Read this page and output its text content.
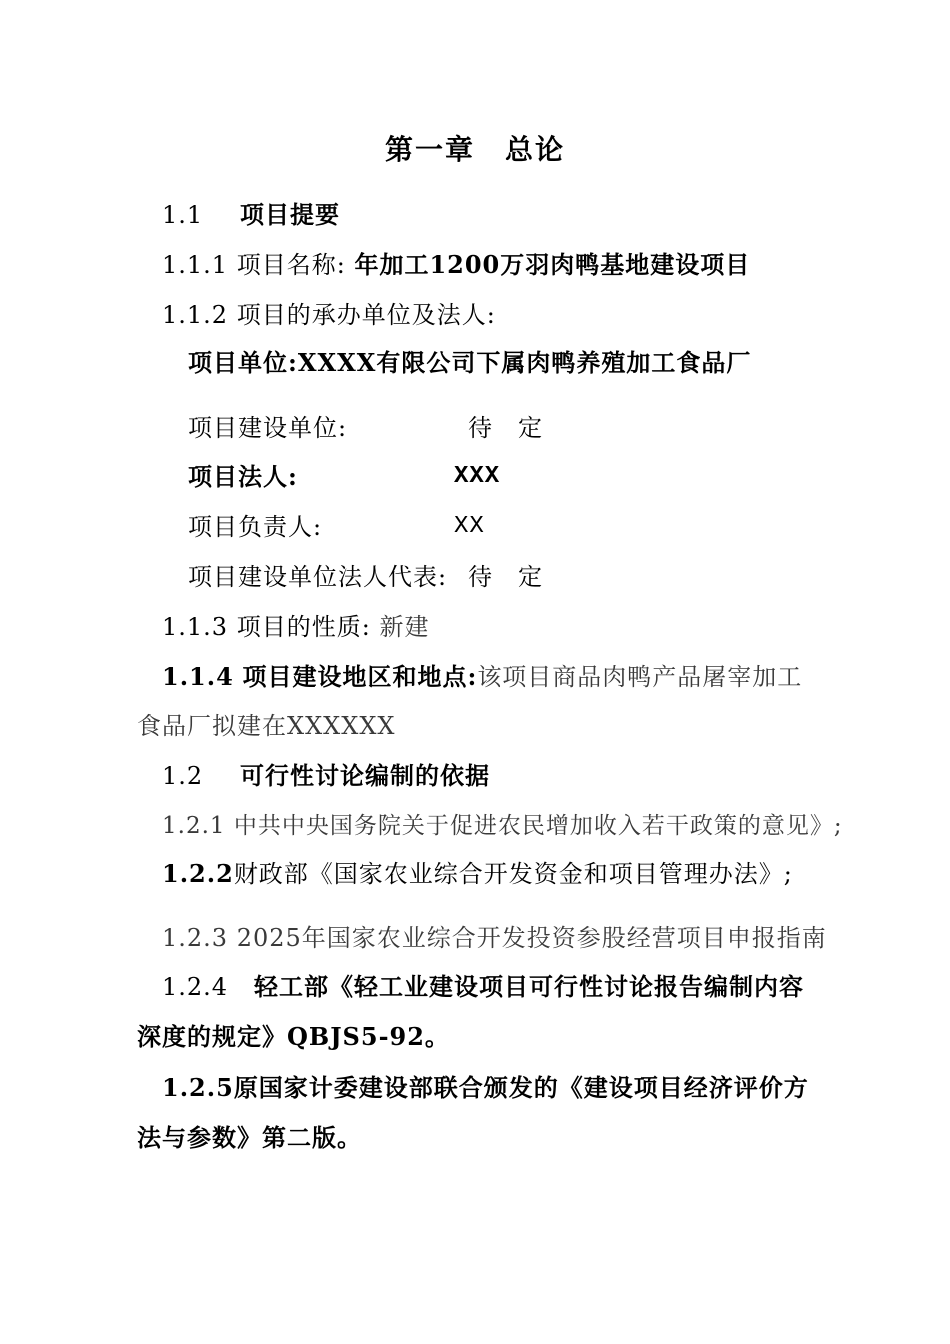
第一章　总论
1.1 项目提要
1.1.1 项目名称: 年加工1200万羽肉鸭基地建设项目
1.1.2 项目的承办单位及法人:
项目单位:XXXX有限公司下属肉鸭养殖加工食品厂
项目建设单位:	待　定
项目法人:	XXX
项目负责人:	XX
项目建设单位法人代表: 待　定
1.1.3 项目的性质: 新建
1.1.4 项目建设地区和地点:该项目商品肉鸭产品屠宰加工
食品厂拟建在XXXXXX
1.2 可行性讨论编制的依据
1.2.1 中共中央国务院关于促进农民增加收入若干政策的意见》;
1.2.2财政部《国家农业综合开发资金和项目管理办法》;
1.2.3 2025年国家农业综合开发投资参股经营项目申报指南
1.2.4 轻工部《轻工业建设项目可行性讨论报告编制内容
深度的规定》QBJS5-92。
1.2.5原国家计委建设部联合颁发的《建设项目经济评价方
法与参数》第二版。
